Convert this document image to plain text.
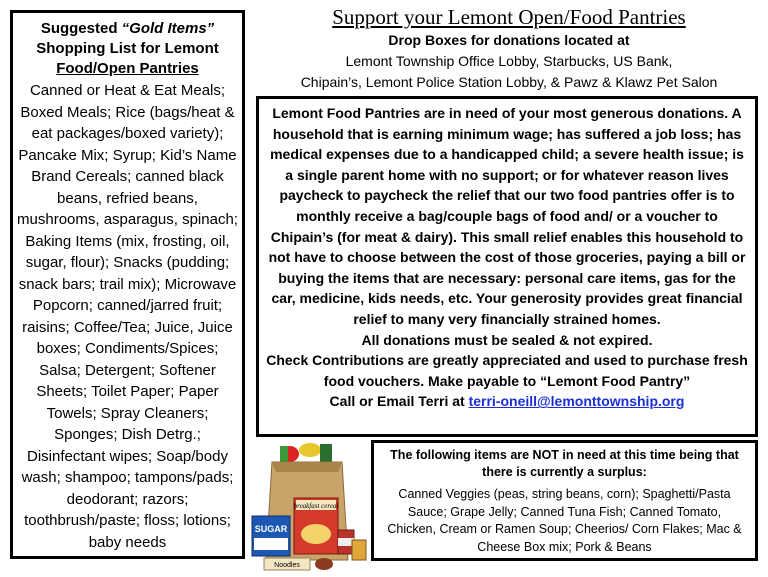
Suggested “Gold Items”
Shopping List for Lemont
Food/Open Pantries
Canned or Heat & Eat Meals; Boxed Meals; Rice (bags/heat & eat packages/boxed variety); Pancake Mix; Syrup; Kid’s Name Brand Cereals; canned black beans, refried beans, mushrooms, asparagus, spinach; Baking Items (mix, frosting, oil, sugar, flour); Snacks (pudding; snack bars; trail mix); Microwave Popcorn; canned/jarred fruit; raisins; Coffee/Tea; Juice, Juice boxes; Condiments/Spices; Salsa; Detergent; Softener Sheets; Toilet Paper; Paper Towels; Spray Cleaners; Sponges; Dish Detrg.; Disinfectant wipes; Soap/body wash; shampoo; tampons/pads; deodorant; razors; toothbrush/paste; floss; lotions; baby needs
Support your Lemont Open/Food Pantries
Drop Boxes for donations located at
Lemont Township Office Lobby, Starbucks, US Bank,
Chipain’s, Lemont Police Station Lobby, & Pawz & Klawz Pet Salon

Lemont Food Pantries are in need of your most generous donations. A household that is earning minimum wage; has suffered a job loss; has medical expenses due to a handicapped child; a severe health issue; is a single parent home with no support; or for whatever reason lives paycheck to paycheck the relief that our two food pantries offer is to monthly receive a bag/couple bags of food and/ or a voucher to Chipain’s (for meat & dairy). This small relief enables this household to not have to choose between the cost of those groceries, paying a bill or buying the items that are necessary: personal care items, gas for the car, medicine, kids needs, etc. Your generosity provides great financial relief to many very financially strained homes.

All donations must be sealed & not expired.

Check Contributions are greatly appreciated and used to purchase fresh food vouchers. Make payable to “Lemont Food Pantry”

Call or Email Terri at terri-oneill@lemonttownship.org

breakfast cereal
SUGAR
Noodles
The following items are NOT in need at this time being that there is currently a surplus:
Canned Veggies (peas, string beans, corn); Spaghetti/Pasta Sauce; Grape Jelly; Canned Tuna Fish; Canned Tomato, Chicken, Cream or Ramen Soup; Cheerios/ Corn Flakes; Mac & Cheese Box mix; Pork & Beans
